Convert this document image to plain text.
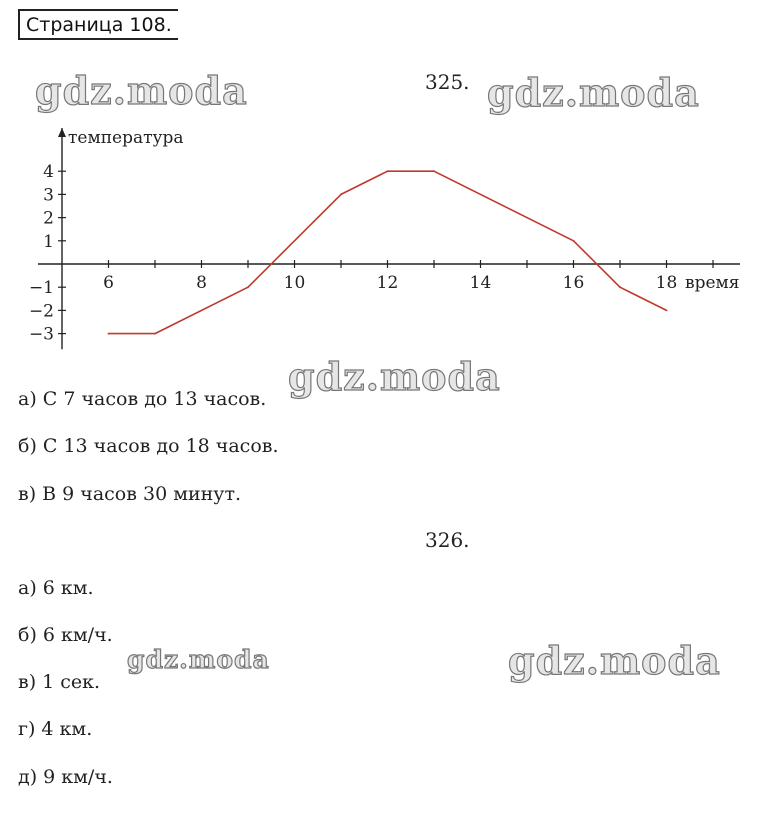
Страница 108.
325.
6	8	10	12	14	16	18
4
3
2
1
−1
−2
−3
температура
время
а) С 7 часов до 13 часов.
б) С 13 часов до 18 часов.
в) В 9 часов 30 минут.
326.
а) 6 км.
б) 6 км/ч.
в) 1 сек.
г) 4 км.
д) 9 км/ч.
gdz.moda	gdz.moda
gdz.moda
gdz.moda	gdz.moda
